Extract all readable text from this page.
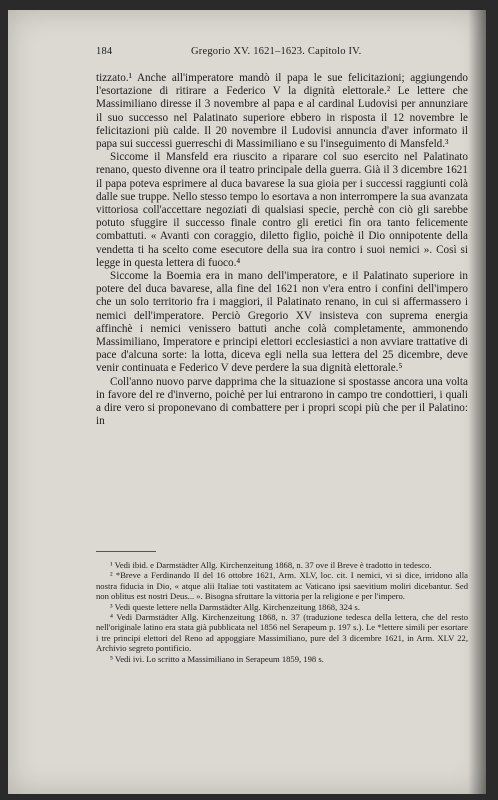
184	Gregorio XV. 1621–1623. Capitolo IV.

tizzato.¹ Anche all'imperatore mandò il papa le sue felicitazioni; aggiungendo l'esortazione di ritirare a Federico V la dignità elettorale.² Le lettere che Massimiliano diresse il 3 novembre al papa e al cardinal Ludovisi per annunziare il suo successo nel Palatinato superiore ebbero in risposta il 12 novembre le felicitazioni più calde. Il 20 novembre il Ludovisi annuncia d'aver informato il papa sui successi guerreschi di Massimiliano e su l'inseguimento di Mansfeld.³

Siccome il Mansfeld era riuscito a riparare col suo esercito nel Palatinato renano, questo divenne ora il teatro principale della guerra. Già il 3 dicembre 1621 il papa poteva esprimere al duca bavarese la sua gioia per i successi raggiunti colà dalle sue truppe. Nello stesso tempo lo esortava a non interrompere la sua avanzata vittoriosa coll'accettare negoziati di qualsiasi specie, perchè con ciò gli sarebbe potuto sfuggire il successo finale contro gli eretici fin ora tanto felicemente combattuti. « Avanti con coraggio, diletto figlio, poichè il Dio onnipotente della vendetta ti ha scelto come esecutore della sua ira contro i suoi nemici ». Così si legge in questa lettera di fuoco.⁴

Siccome la Boemia era in mano dell'imperatore, e il Palatinato superiore in potere del duca bavarese, alla fine del 1621 non v'era entro i confini dell'impero che un solo territorio fra i maggiori, il Palatinato renano, in cui si affermassero i nemici dell'imperatore. Perciò Gregorio XV insisteva con suprema energia affinchè i nemici venissero battuti anche colà completamente, ammonendo Massimiliano, Imperatore e principi elettori ecclesiastici a non avviare trattative di pace d'alcuna sorte: la lotta, diceva egli nella sua lettera del 25 dicembre, deve venir continuata e Federico V deve perdere la sua dignità elettorale.⁵

Coll'anno nuovo parve dapprima che la situazione si spostasse ancora una volta in favore del re d'inverno, poichè per lui entrarono in campo tre condottieri, i quali a dire vero si proponevano di combattere per i propri scopi più che per il Palatino: in

¹ Vedi ibid. e Darmstädter Allg. Kirchenzeitung 1868, n. 37 ove il Breve è tradotto in tedesco.

² *Breve a Ferdinando II del 16 ottobre 1621, Arm. XLV, loc. cit. I nemici, vi si dice, irridono alla nostra fiducia in Dio, « atque alii Italiae toti vastitatem ac Vaticano ipsi saevitium moliri dicebantur. Sed non oblitus est nostri Deus... ». Bisogna sfruttare la vittoria per la religione e per l'impero.

³ Vedi queste lettere nella Darmstädter Allg. Kirchenzeitung 1868, 324 s.

⁴ Vedi Darmstädter Allg. Kirchenzeitung 1868, n. 37 (traduzione tedesca della lettera, che del resto nell'originale latino era stata già pubblicata nel 1856 nel Serapeum p. 197 s.). Le *lettere simili per esortare i tre principi elettori del Reno ad appoggiare Massimiliano, pure del 3 dicembre 1621, in Arm. XLV 22, Archivio segreto pontificio.

⁵ Vedi ivi. Lo scritto a Massimiliano in Serapeum 1859, 198 s.
